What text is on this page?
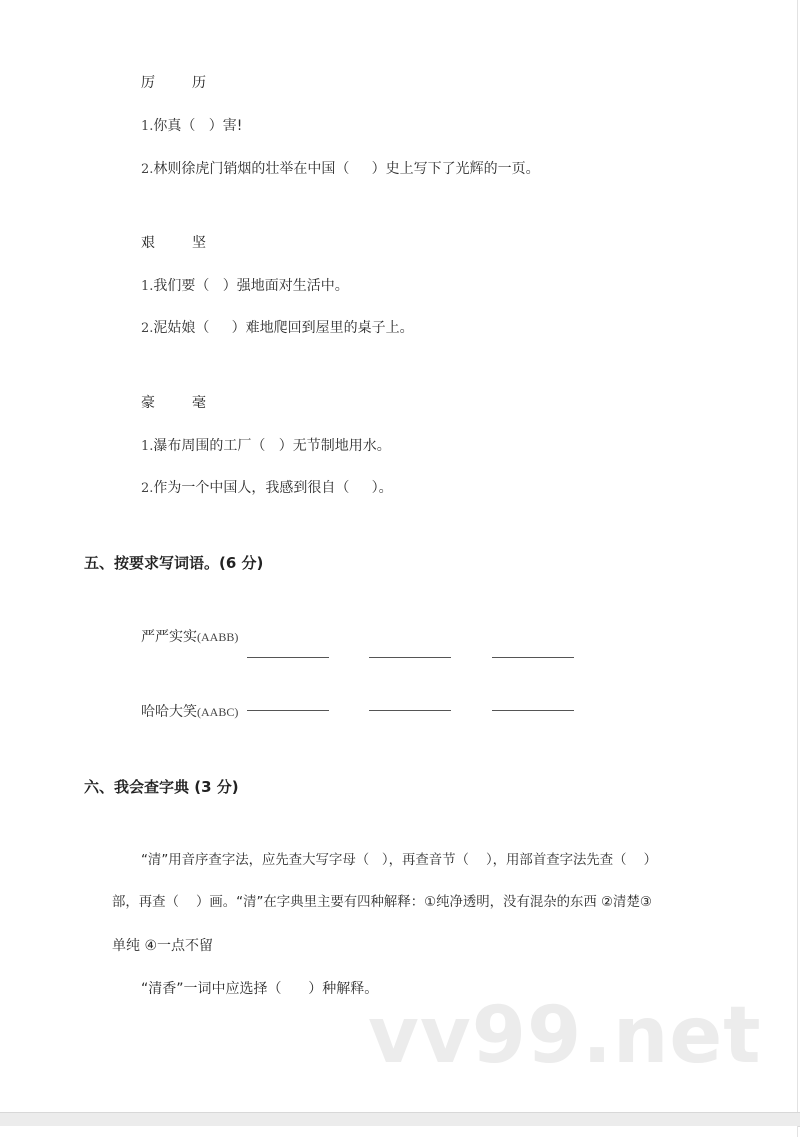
厉	历
1.你真（   ）害!
2.林则徐虎门销烟的壮举在中国（     ）史上写下了光辉的一页。
艰	坚
1.我们要（   ）强地面对生活中。
2.泥姑娘（     ）难地爬回到屋里的桌子上。
豪	毫
1.瀑布周围的工厂（   ）无节制地用水。
2.作为一个中国人，我感到很自（     ）。
五、按要求写词语。(6 分)
严严实实(AABB)
哈哈大笑(AABC)
六、我会查字典 (3 分)
“清”用音序查字法，应先查大写字母（   ），再查音节（    ），用部首查字法先查（    ）
部，再查（    ）画。“清”在字典里主要有四种解释：①纯净透明，没有混杂的东西 ②清楚③
单纯 ④一点不留
“清香”一词中应选择（      ）种解释。
vv99.net
